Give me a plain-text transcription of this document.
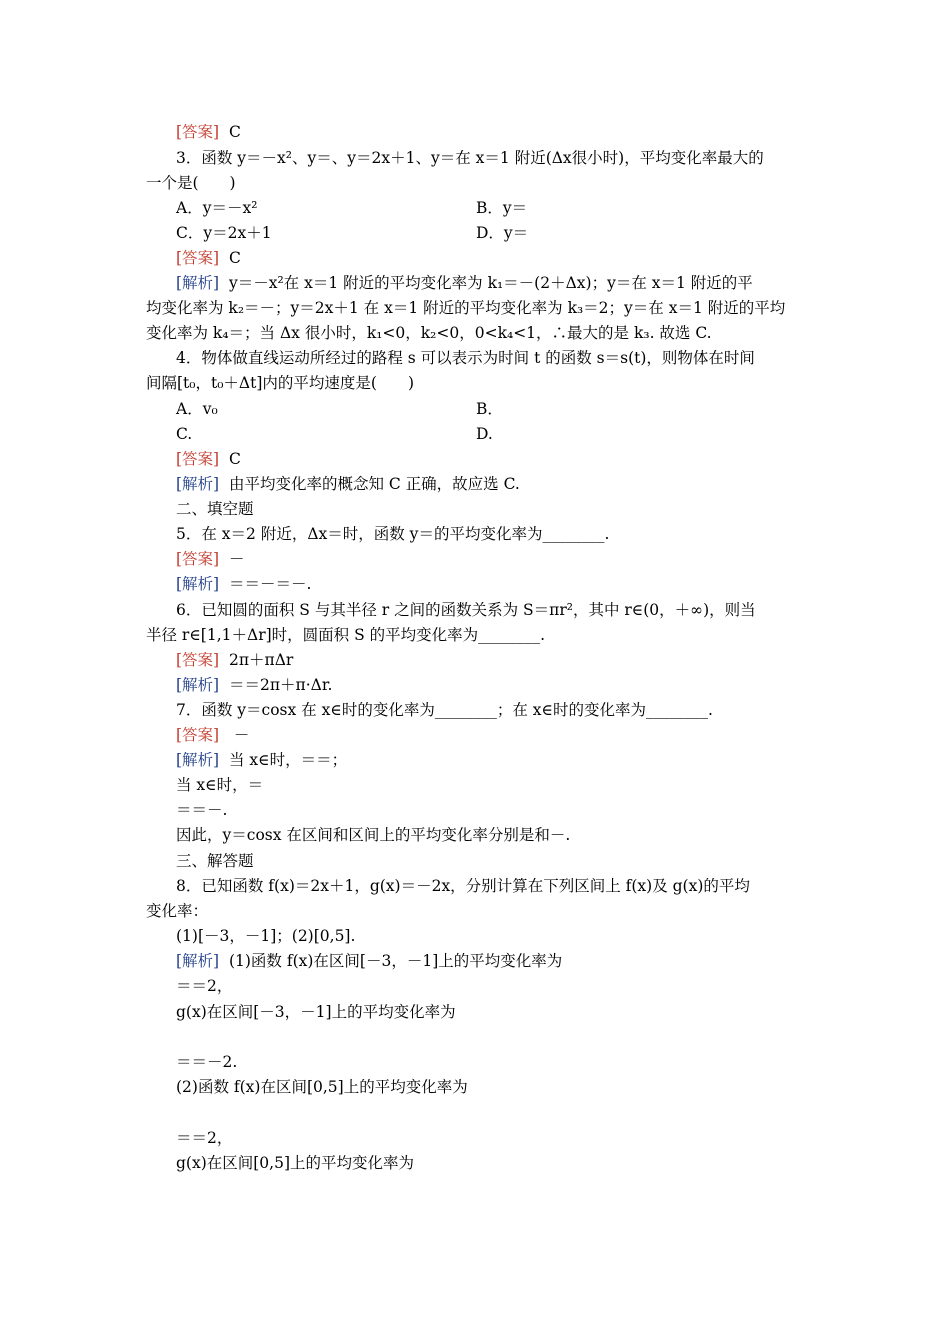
[答案] C
3．函数 y＝－x²、y＝、y＝2x＋1、y＝在 x＝1 附近(Δx很小时)，平均变化率最大的
一个是(　　)
A．y＝－x²	B．y＝
C．y＝2x＋1	D．y＝
[答案] C
[解析] y＝－x²在 x＝1 附近的平均变化率为 k₁＝－(2＋Δx)；y＝在 x＝1 附近的平
均变化率为 k₂＝－；y＝2x＋1 在 x＝1 附近的平均变化率为 k₃＝2；y＝在 x＝1 附近的平均
变化率为 k₄＝；当 Δx 很小时，k₁<0，k₂<0，0<k₄<1，∴最大的是 k₃. 故选 C.
4．物体做直线运动所经过的路程 s 可以表示为时间 t 的函数 s＝s(t)，则物体在时间
间隔[t₀，t₀＋Δt]内的平均速度是(　　)
A．v₀	B．
C.	D.
[答案] C
[解析] 由平均变化率的概念知 C 正确，故应选 C.
二、填空题
5．在 x＝2 附近，Δx＝时，函数 y＝的平均变化率为________.
[答案] －
[解析] ＝＝－＝－.
6．已知圆的面积 S 与其半径 r 之间的函数关系为 S＝πr²，其中 r∈(0，＋∞)，则当
半径 r∈[1,1＋Δr]时，圆面积 S 的平均变化率为________.
[答案] 2π＋πΔr
[解析] ＝＝2π＋π·Δr.
7．函数 y＝cosx 在 x∈时的变化率为________；在 x∈时的变化率为________.
[答案]   －
[解析] 当 x∈时，＝＝；
当 x∈时，＝
＝＝－.
因此，y＝cosx 在区间和区间上的平均变化率分别是和－.
三、解答题
8．已知函数 f(x)＝2x＋1，g(x)＝－2x，分别计算在下列区间上 f(x)及 g(x)的平均
变化率：
(1)[－3，－1]；(2)[0,5].
[解析] (1)函数 f(x)在区间[－3，－1]上的平均变化率为
＝＝2，
g(x)在区间[－3，－1]上的平均变化率为
＝＝－2.
(2)函数 f(x)在区间[0,5]上的平均变化率为
＝＝2，
g(x)在区间[0,5]上的平均变化率为
